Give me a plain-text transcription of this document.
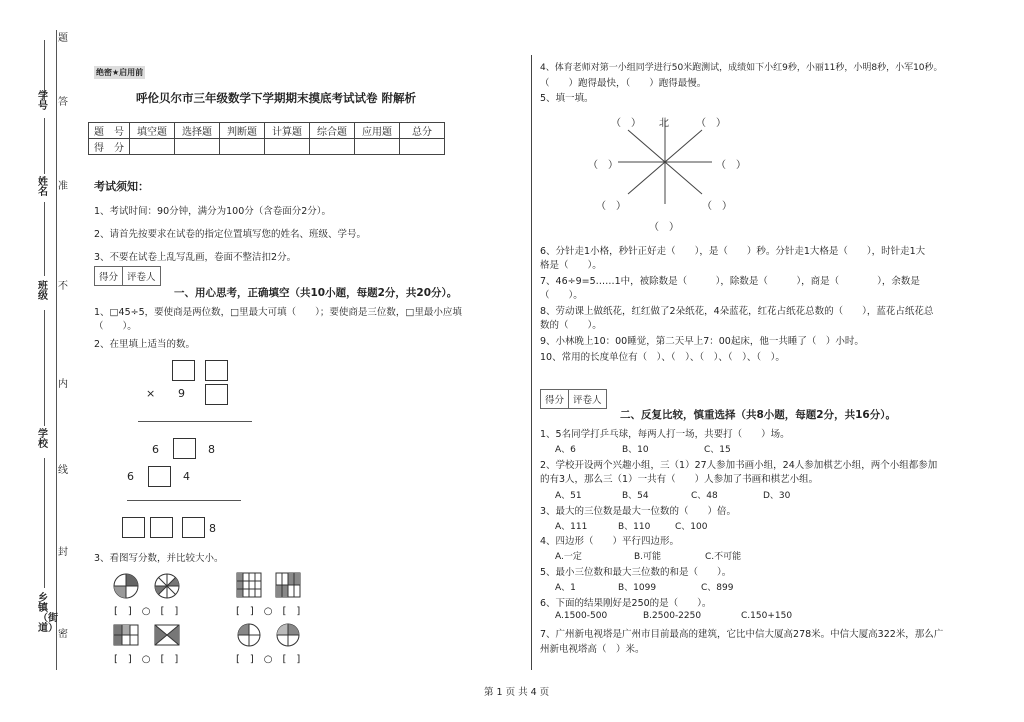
题
答
准
不
内
线
封
密
学号
姓名
班级
学校
乡镇（街道）
绝密★启用前
呼伦贝尔市三年级数学下学期期末摸底考试试卷 附解析
题　号	填空题	选择题	判断题	计算题	综合题	应用题	总分
得　分							
考试须知：
1、考试时间：90分钟，满分为100分（含卷面分2分）。
2、请首先按要求在试卷的指定位置填写您的姓名、班级、学号。
3、不要在试卷上乱写乱画，卷面不整洁扣2分。
得分 评卷人
一、用心思考，正确填空（共10小题，每题2分，共20分）。
1、□45÷5，要使商是两位数，□里最大可填（　　）；要使商是三位数，□里最小应填
（　　）。
2、在里填上适当的数。
× 9
6	8
6	4
8
3、看图写分数，并比较大小。
[　]　○　[　]	[　]　○　[　]
[　]　○　[　]	[　]　○　[　]
4、体育老师对第一小组同学进行50米跑测试，成绩如下小红9秒，小丽11秒，小明8秒，小军10秒。
（　　）跑得最快，（　　）跑得最慢。
5、填一填。
（　） 北	（　）
（　）	（　）
（　）	（　）
（　）
6、分针走1小格，秒针正好走（　　），是（　　）秒。分针走1大格是（　　），时针走1大
格是（　　）。
7、46÷9=5……1中，被除数是（　　　），除数是（　　　），商是（　　　　），余数是
（　　）。
8、劳动课上做纸花，红红做了2朵纸花，4朵蓝花，红花占纸花总数的（　　），蓝花占纸花总
数的（　　）。
9、小林晚上10：00睡觉，第二天早上7：00起床，他一共睡了（　）小时。
10、常用的长度单位有（　）、（　）、（　）、（　）、（　）。
得分 评卷人
二、反复比较，慎重选择（共8小题，每题2分，共16分）。
1、5名同学打乒乓球，每两人打一场，共要打（　　）场。
A、6	B、10	C、15
2、学校开设两个兴趣小组，三（1）27人参加书画小组，24人参加棋艺小组，两个小组都参加
的有3人，那么三（1）一共有（　　）人参加了书画和棋艺小组。
A、51	B、54	C、48	D、30
3、最大的三位数是最大一位数的（　　）倍。
A、111	B、110	C、100
4、四边形（　　）平行四边形。
A.一定	B.可能	C.不可能
5、最小三位数和最大三位数的和是（　　）。
A、1	B、1099	C、899
6、下面的结果刚好是250的是（　　）。
A.1500-500	B.2500-2250	C.150+150
7、广州新电视塔是广州市目前最高的建筑，它比中信大厦高278米。中信大厦高322米，那么广
州新电视塔高（　）米。
第 1 页 共 4 页
